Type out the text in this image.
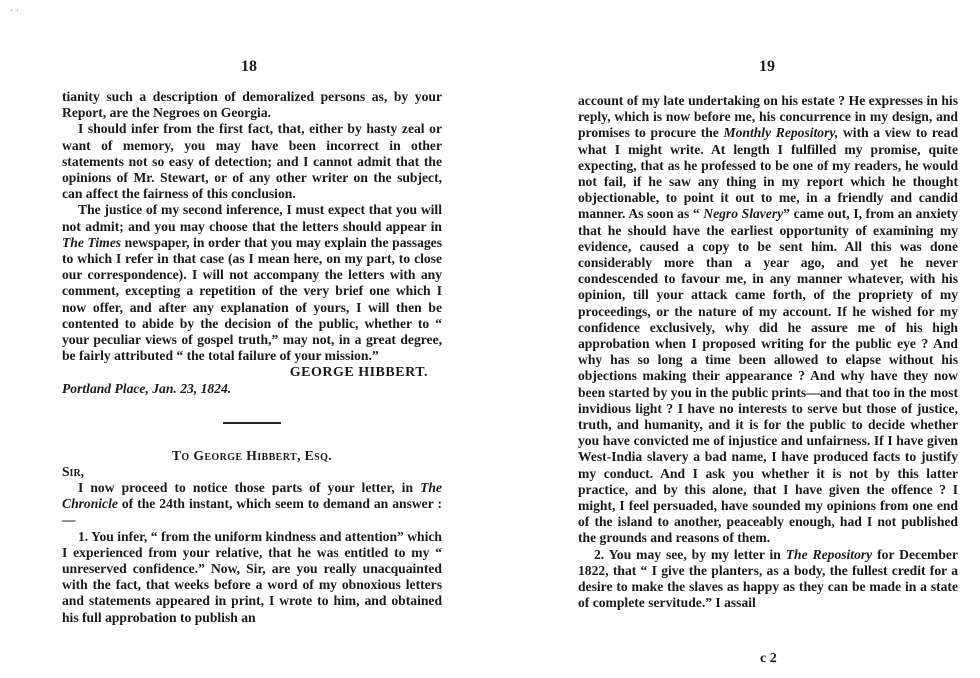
· ·
18

tianity such a description of demoralized persons as, by your Report, are the Negroes on Georgia.

I should infer from the first fact, that, either by hasty zeal or want of memory, you may have been incorrect in other statements not so easy of detection; and I cannot admit that the opinions of Mr. Stewart, or of any other writer on the subject, can affect the fairness of this conclusion.

The justice of my second inference, I must expect that you will not admit; and you may choose that the letters should appear in The Times newspaper, in order that you may explain the passages to which I refer in that case (as I mean here, on my part, to close our correspondence). I will not accompany the letters with any comment, excepting a repetition of the very brief one which I now offer, and after any explanation of yours, I will then be contented to abide by the decision of the public, whether to “ your peculiar views of gospel truth,” may not, in a great degree, be fairly attributed “ the total failure of your mission.”

GEORGE HIBBERT.

Portland Place, Jan. 23, 1824.

To George Hibbert, Esq.

Sir,

I now proceed to notice those parts of your letter, in The Chronicle of the 24th instant, which seem to demand an answer :—

1. You infer, “ from the uniform kindness and attention” which I experienced from your relative, that he was entitled to my “ unreserved confidence.” Now, Sir, are you really unacquainted with the fact, that weeks before a word of my obnoxious letters and statements appeared in print, I wrote to him, and obtained his full approbation to publish an

19

account of my late undertaking on his estate ? He expresses in his reply, which is now before me, his concurrence in my design, and promises to procure the Monthly Repository, with a view to read what I might write. At length I fulfilled my promise, quite expecting, that as he professed to be one of my readers, he would not fail, if he saw any thing in my report which he thought objectionable, to point it out to me, in a friendly and candid manner. As soon as “ Negro Slavery” came out, I, from an anxiety that he should have the earliest opportunity of examining my evidence, caused a copy to be sent him. All this was done considerably more than a year ago, and yet he never condescended to favour me, in any manner whatever, with his opinion, till your attack came forth, of the propriety of my proceedings, or the nature of my account. If he wished for my confidence exclusively, why did he assure me of his high approbation when I proposed writing for the public eye ? And why has so long a time been allowed to elapse without his objections making their appearance ? And why have they now been started by you in the public prints—and that too in the most invidious light ? I have no interests to serve but those of justice, truth, and humanity, and it is for the public to decide whether you have convicted me of injustice and unfairness. If I have given West-India slavery a bad name, I have produced facts to justify my conduct. And I ask you whether it is not by this latter practice, and by this alone, that I have given the offence ? I might, I feel persuaded, have sounded my opinions from one end of the island to another, peaceably enough, had I not published the grounds and reasons of them.

2. You may see, by my letter in The Repository for December 1822, that “ I give the planters, as a body, the fullest credit for a desire to make the slaves as happy as they can be made in a state of complete servitude.” I assail

c 2
